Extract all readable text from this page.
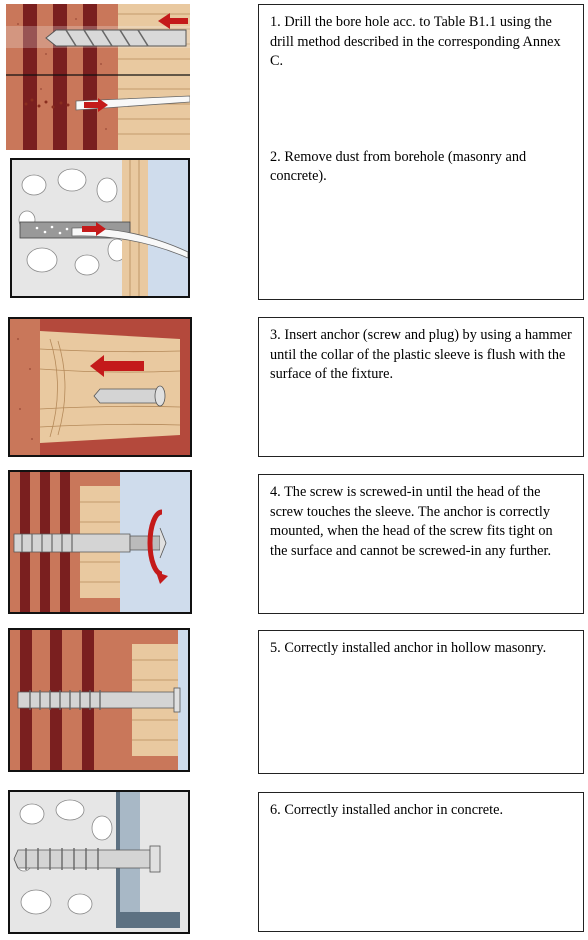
1. Drill the bore hole acc. to Table B1.1 using the drill method described in the corresponding Annex C.

2. Remove dust from borehole (masonry and concrete).

3. Insert anchor (screw and plug) by using a hammer until the collar of the plastic sleeve is flush with the surface of the fixture.

4. The screw is screwed-in until the head of the screw touches the sleeve. The anchor is correctly mounted, when the head of the screw fits tight on the surface and cannot be screwed-in any further.

5. Correctly installed anchor in hollow masonry.

6. Correctly installed anchor in concrete.
